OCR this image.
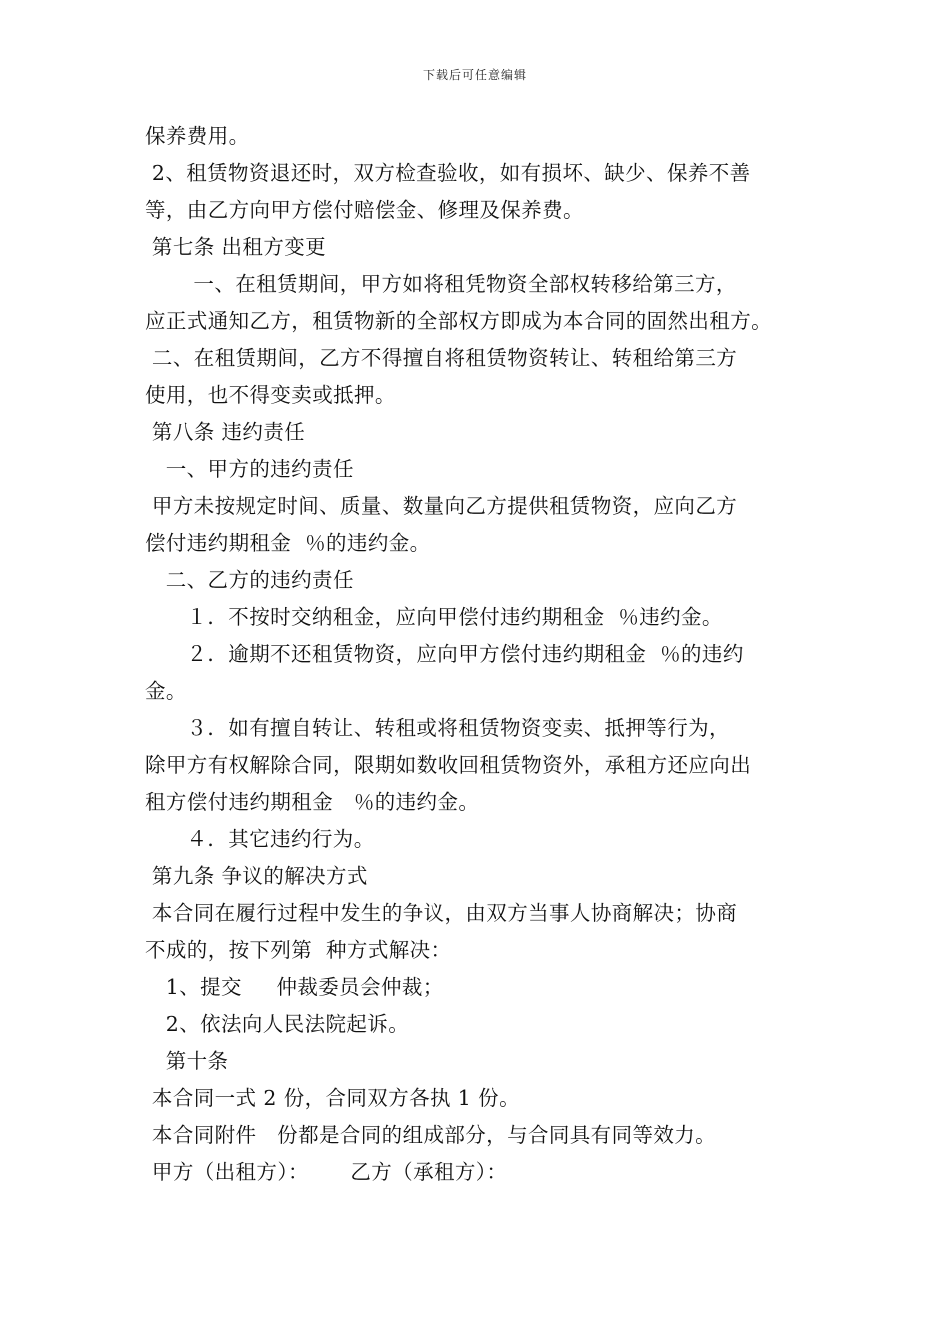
下载后可任意编辑
保养费用。
2、租赁物资退还时，双方检查验收，如有损坏、缺少、保养不善
等，由乙方向甲方偿付赔偿金、修理及保养费。
第七条 出租方变更
一、在租赁期间，甲方如将租凭物资全部权转移给第三方，
应正式通知乙方，租赁物新的全部权方即成为本合同的固然出租方。
二、在租赁期间，乙方不得擅自将租赁物资转让、转租给第三方
使用，也不得变卖或抵押。
第八条 违约责任
一、甲方的违约责任
甲方未按规定时间、质量、数量向乙方提供租赁物资，应向乙方
偿付违约期租金  ％的违约金。
二、乙方的违约责任
１．不按时交纳租金，应向甲偿付违约期租金  ％违约金。
２．逾期不还租赁物资，应向甲方偿付违约期租金  ％的违约
金。
３．如有擅自转让、转租或将租赁物资变卖、抵押等行为，
除甲方有权解除合同，限期如数收回租赁物资外，承租方还应向出
租方偿付违约期租金   ％的违约金。
４．其它违约行为。
第九条 争议的解决方式
本合同在履行过程中发生的争议，由双方当事人协商解决；协商
不成的，按下列第  种方式解决：
1、提交     仲裁委员会仲裁；
2、依法向人民法院起诉。
第十条
本合同一式 2 份，合同双方各执 1 份。
本合同附件   份都是合同的组成部分，与合同具有同等效力。
甲方（出租方）：      乙方（承租方）：
